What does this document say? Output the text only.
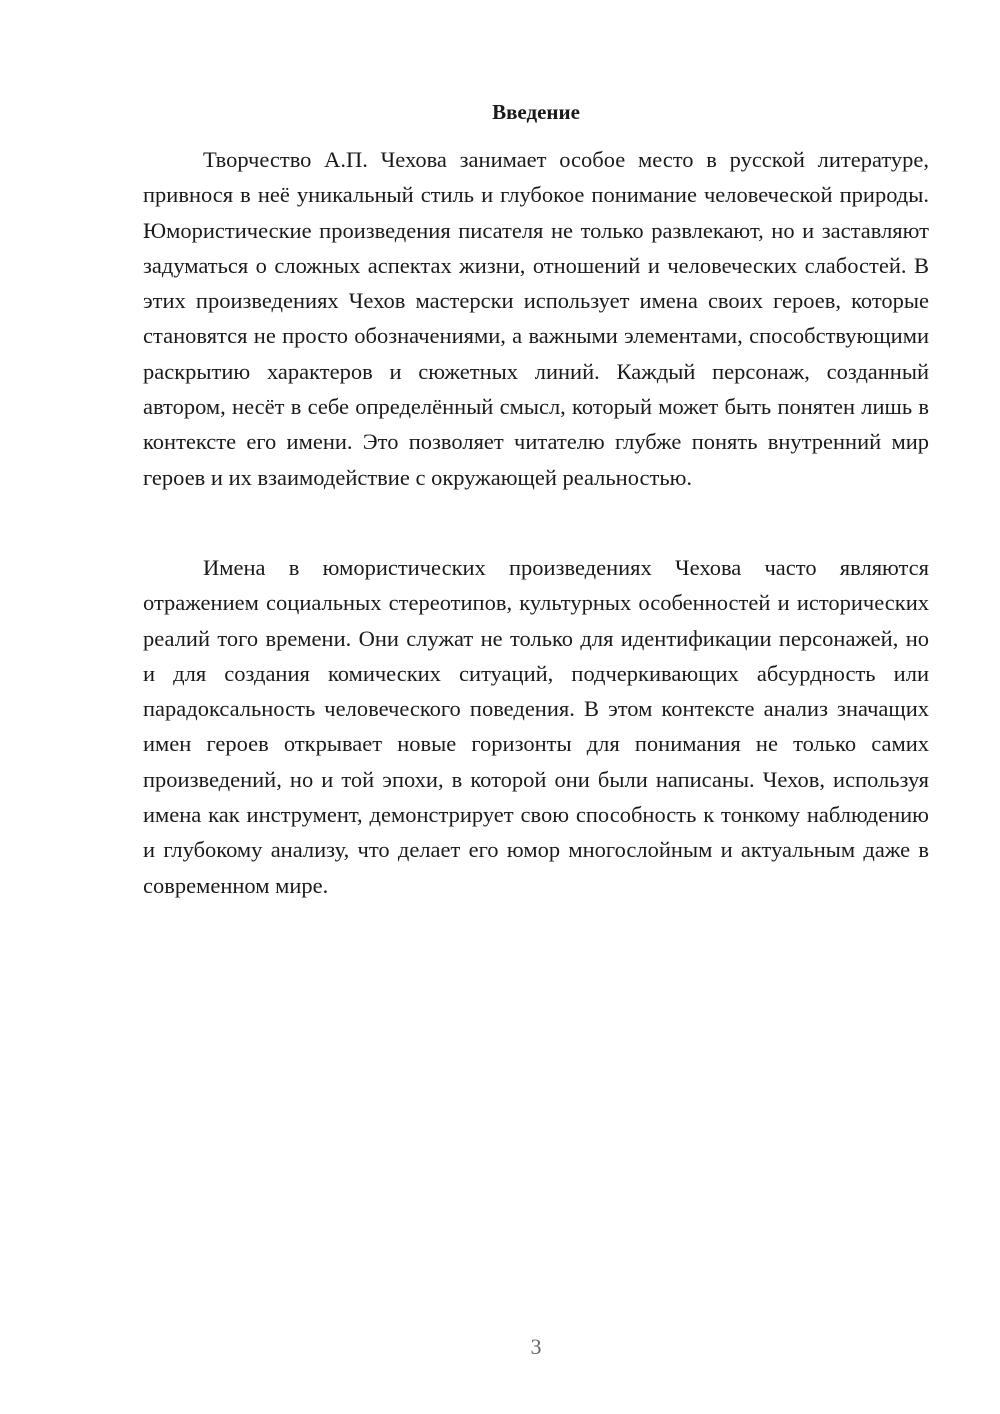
Введение

Творчество А.П. Чехова занимает особое место в русской литературе, привнося в неё уникальный стиль и глубокое понимание человеческой природы. Юмористические произведения писателя не только развлекают, но и заставляют задуматься о сложных аспектах жизни, отношений и человеческих слабостей. В этих произведениях Чехов мастерски использует имена своих героев, которые становятся не просто обозначениями, а важными элементами, способствующими раскрытию характеров и сюжетных линий. Каждый персонаж, созданный автором, несёт в себе определённый смысл, который может быть понятен лишь в контексте его имени. Это позволяет читателю глубже понять внутренний мир героев и их взаимодействие с окружающей реальностью.

Имена в юмористических произведениях Чехова часто являются отражением социальных стереотипов, культурных особенностей и исторических реалий того времени. Они служат не только для идентификации персонажей, но и для создания комических ситуаций, подчеркивающих абсурдность или парадоксальность человеческого поведения. В этом контексте анализ значащих имен героев открывает новые горизонты для понимания не только самих произведений, но и той эпохи, в которой они были написаны. Чехов, используя имена как инструмент, демонстрирует свою способность к тонкому наблюдению и глубокому анализу, что делает его юмор многослойным и актуальным даже в современном мире.

3
